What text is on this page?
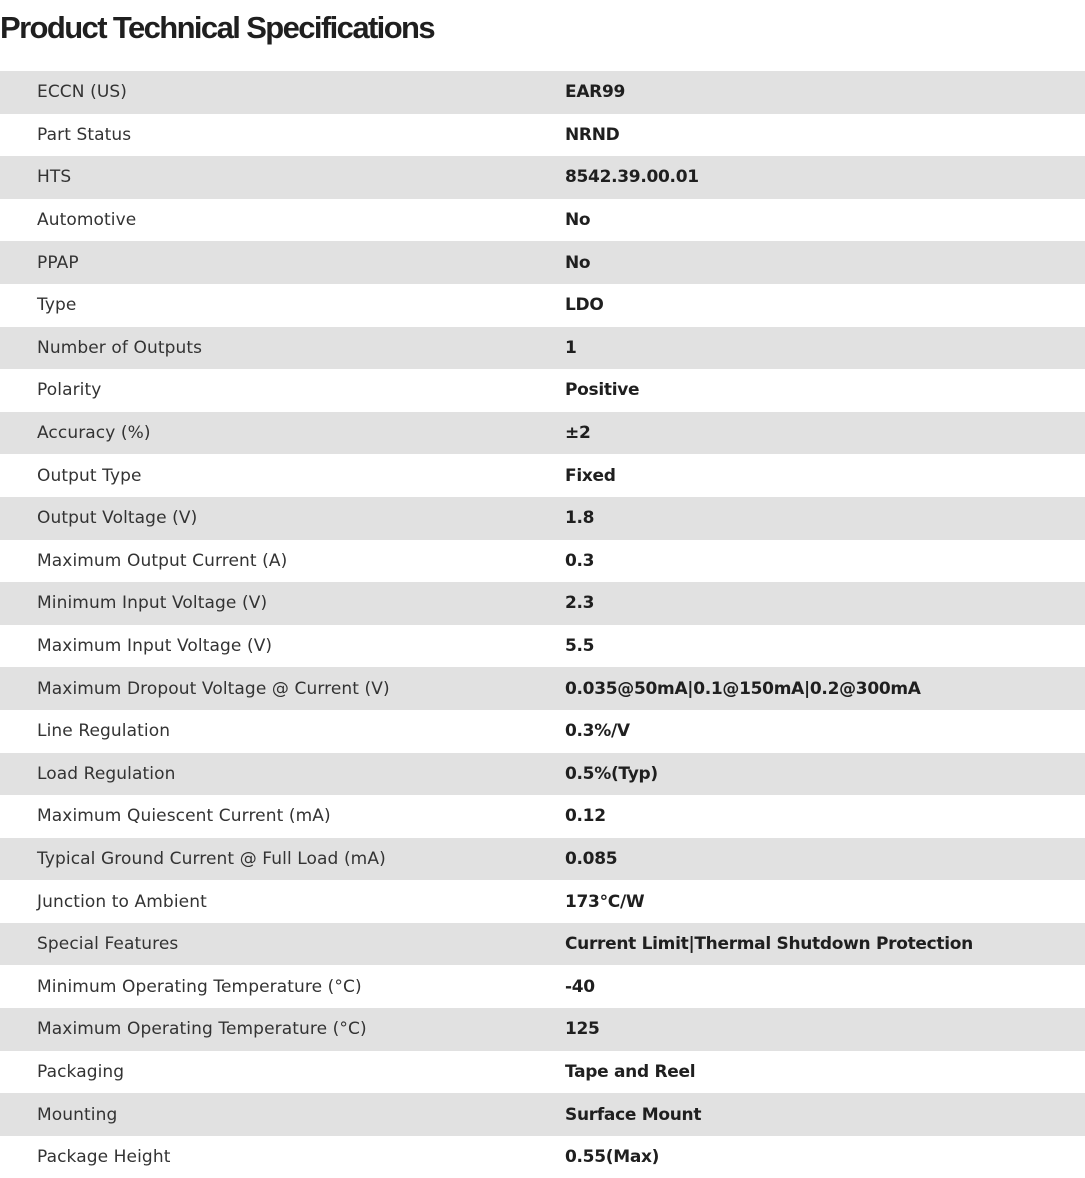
Product Technical Specifications
ECCN (US)	EAR99
Part Status	NRND
HTS	8542.39.00.01
Automotive	No
PPAP	No
Type	LDO
Number of Outputs	1
Polarity	Positive
Accuracy (%)	±2
Output Type	Fixed
Output Voltage (V)	1.8
Maximum Output Current (A)	0.3
Minimum Input Voltage (V)	2.3
Maximum Input Voltage (V)	5.5
Maximum Dropout Voltage @ Current (V)	0.035@50mA|0.1@150mA|0.2@300mA
Line Regulation	0.3%/V
Load Regulation	0.5%(Typ)
Maximum Quiescent Current (mA)	0.12
Typical Ground Current @ Full Load (mA)	0.085
Junction to Ambient	173°C/W
Special Features	Current Limit|Thermal Shutdown Protection
Minimum Operating Temperature (°C)	-40
Maximum Operating Temperature (°C)	125
Packaging	Tape and Reel
Mounting	Surface Mount
Package Height	0.55(Max)
